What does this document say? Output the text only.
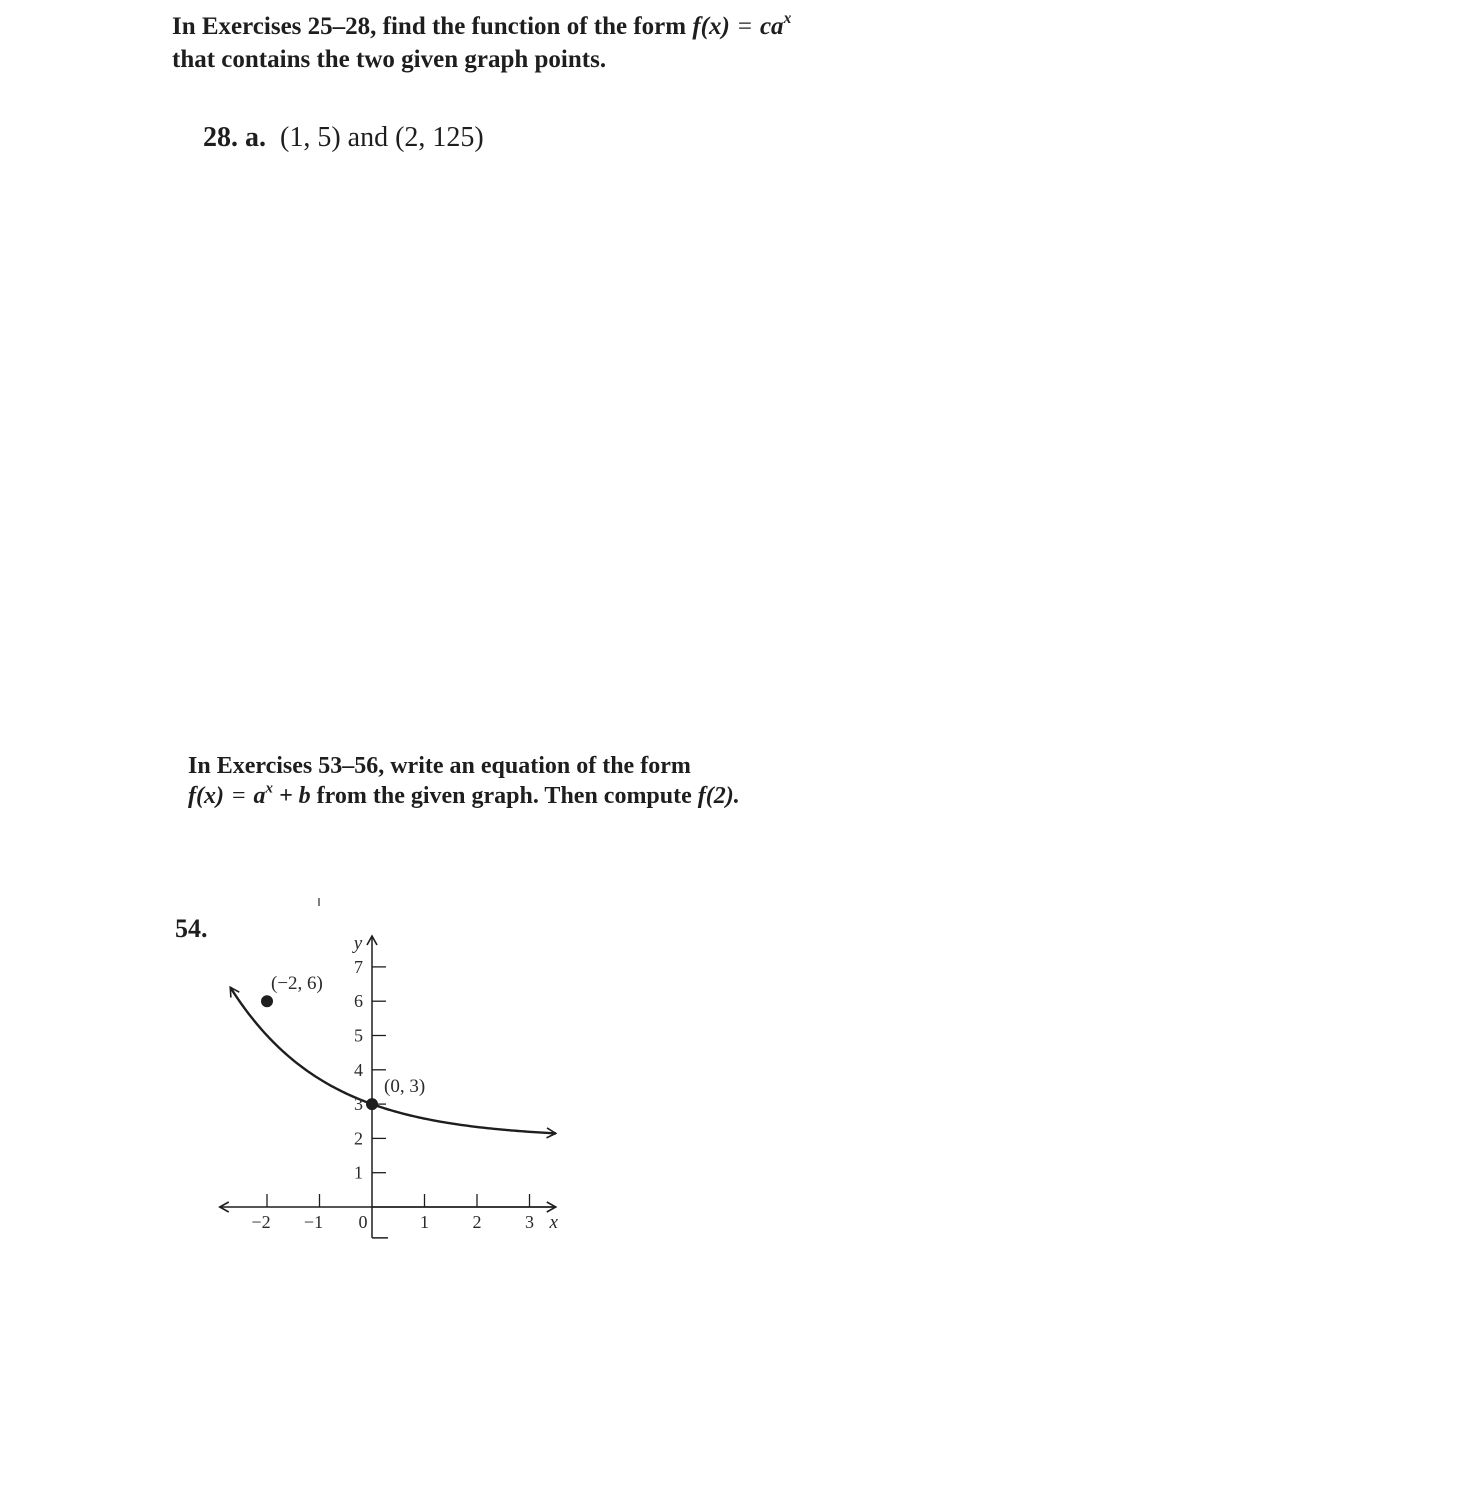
In Exercises 25–28, find the function of the form $f(x) = ca^x$
that contains the two given graph points.
28. a. (1, 5) and (2, 125)
In Exercises 53–56, write an equation of the form
$f(x) = a^x + b$ from the given graph. Then compute f(2).
54.
−2 −1 0	1 2 3
1
2
3
4
5
6
7
y
x
(−2, 6)
(0, 3)
